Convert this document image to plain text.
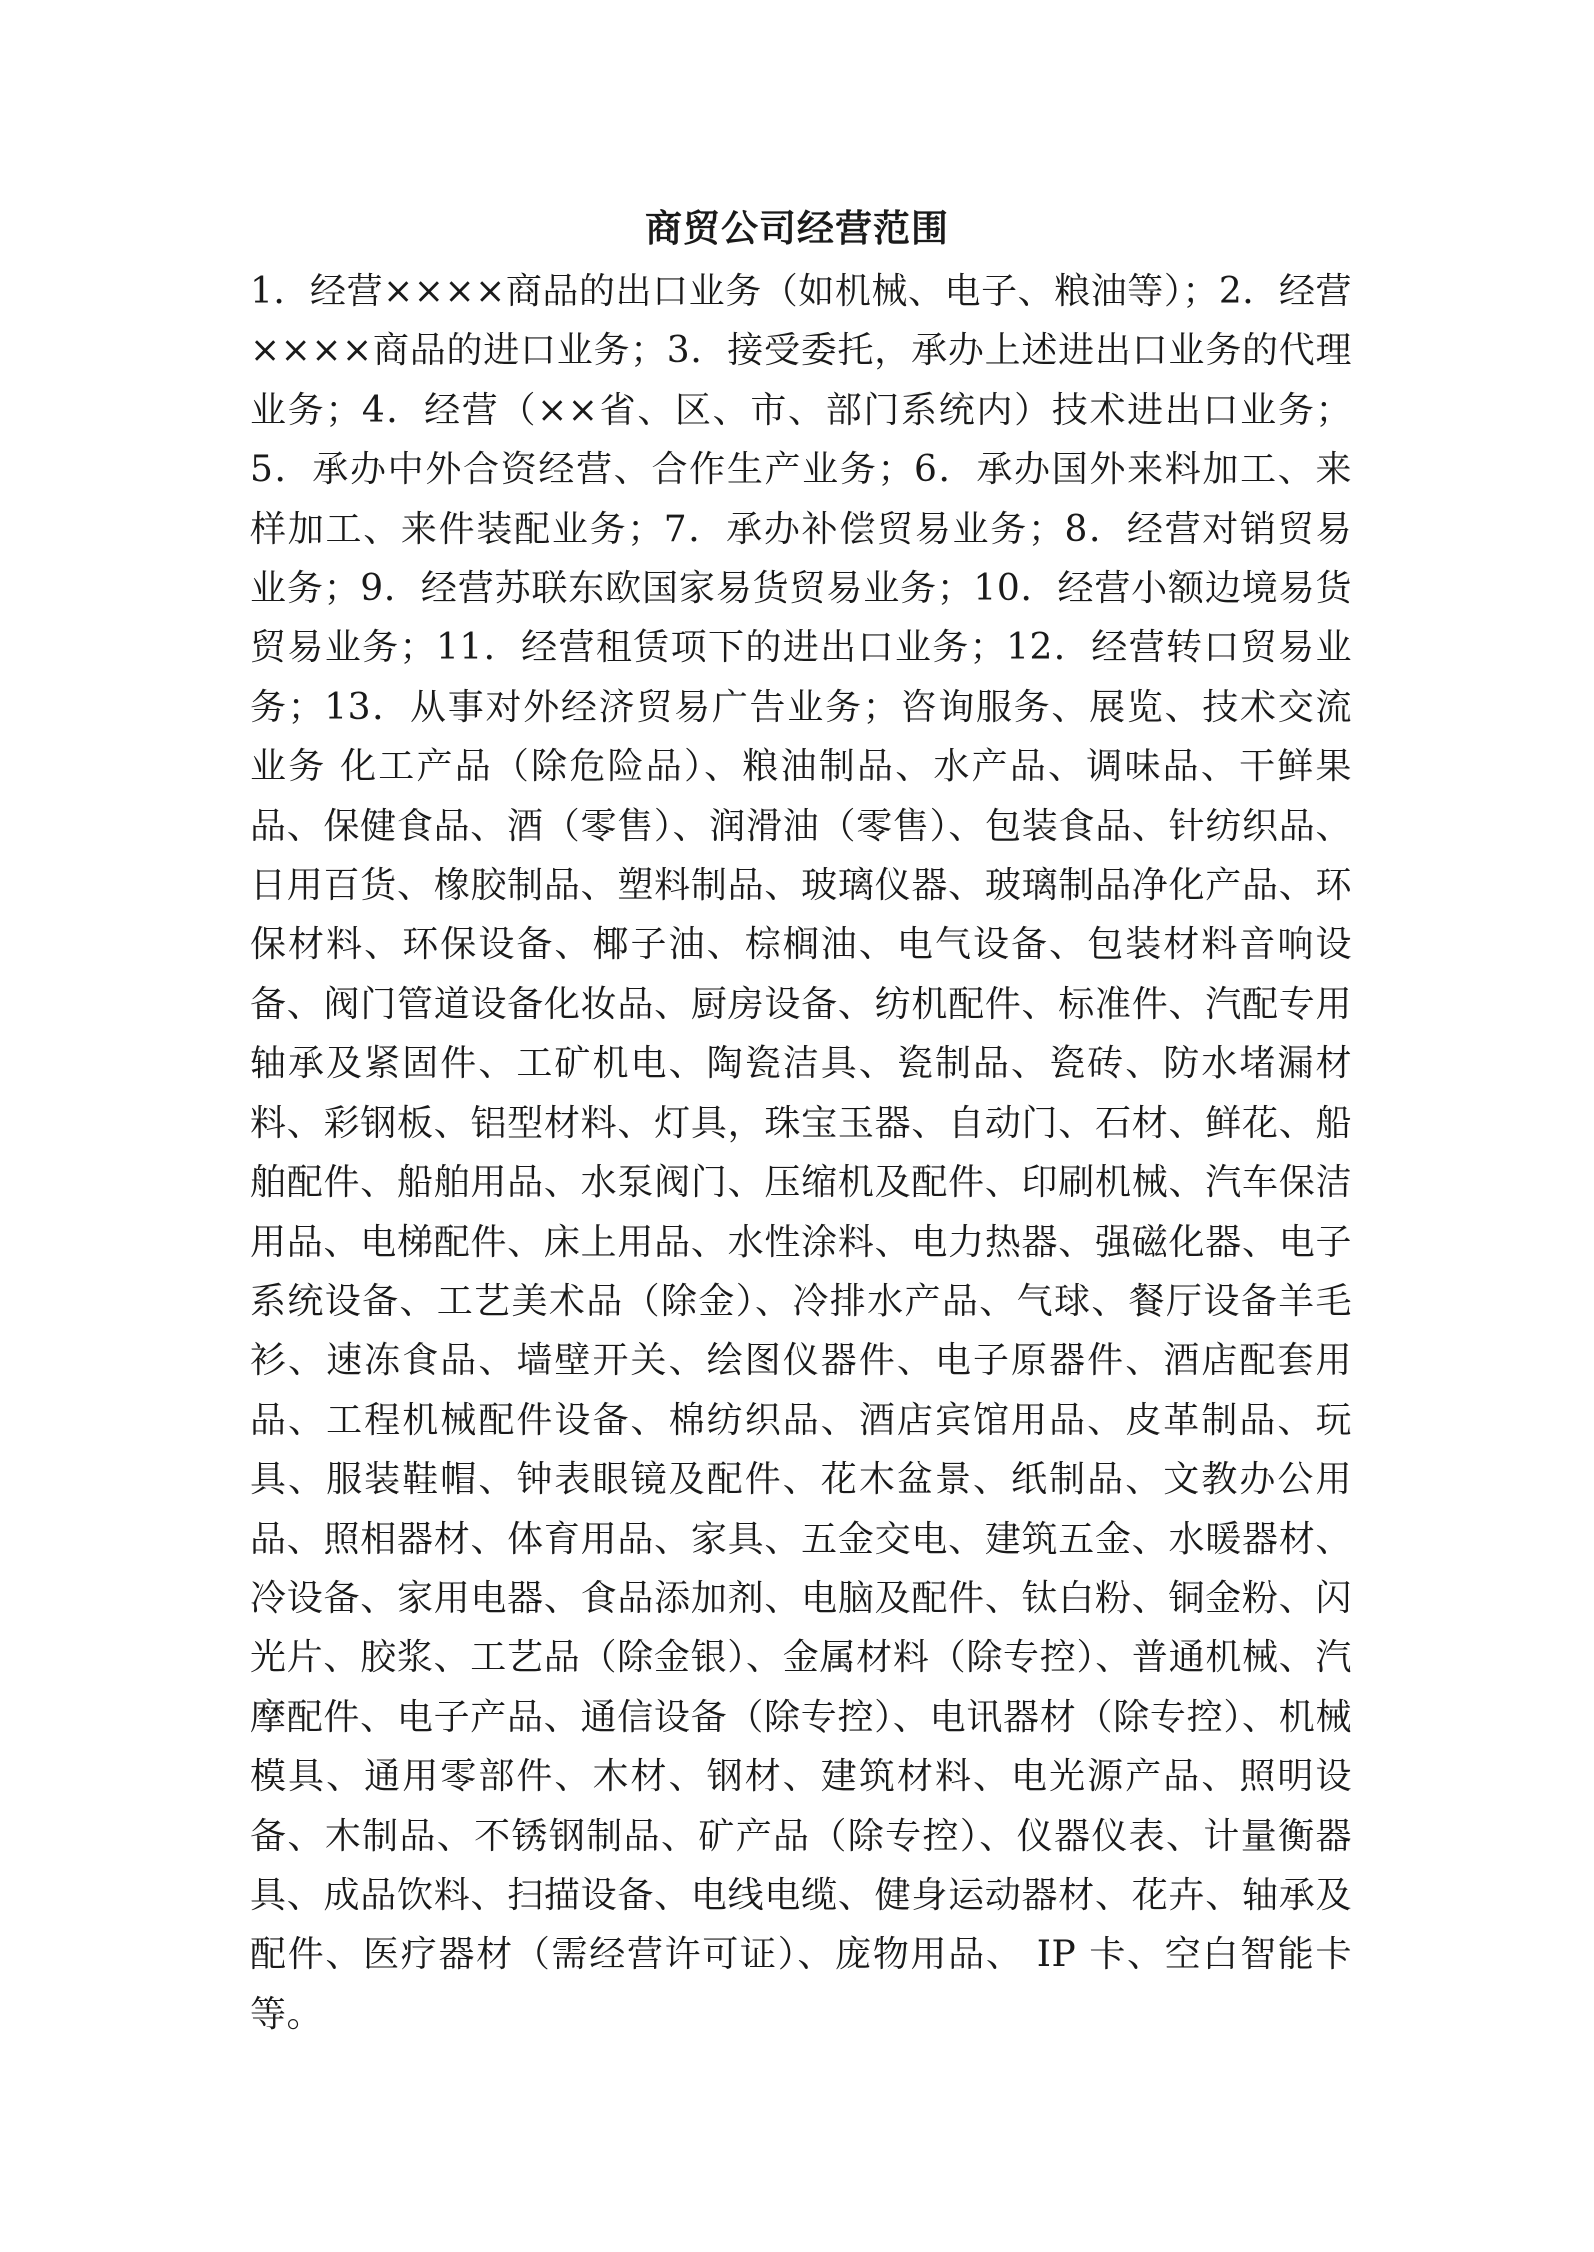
商贸公司经营范围

1．经营××××商品的出口业务（如机械、电子、粮油等）；2．经营××××商品的进口业务；3．接受委托，承办上述进出口业务的代理业务；4．经营（××省、区、市、部门系统内）技术进出口业务；5．承办中外合资经营、合作生产业务；6．承办国外来料加工、来样加工、来件装配业务；7．承办补偿贸易业务；8．经营对销贸易业务；9．经营苏联东欧国家易货贸易业务；10．经营小额边境易货贸易业务；11．经营租赁项下的进出口业务；12．经营转口贸易业务；13．从事对外经济贸易广告业务；咨询服务、展览、技术交流业务 化工产品（除危险品）、粮油制品、水产品、调味品、干鲜果品、保健食品、酒（零售）、润滑油（零售）、包装食品、针纺织品、日用百货、橡胶制品、塑料制品、玻璃仪器、玻璃制品净化产品、环保材料、环保设备、椰子油、棕榈油、电气设备、包装材料音响设备、阀门管道设备化妆品、厨房设备、纺机配件、标准件、汽配专用轴承及紧固件、工矿机电、陶瓷洁具、瓷制品、瓷砖、防水堵漏材料、彩钢板、铝型材料、灯具，珠宝玉器、自动门、石材、鲜花、船舶配件、船舶用品、水泵阀门、压缩机及配件、印刷机械、汽车保洁用品、电梯配件、床上用品、水性涂料、电力热器、强磁化器、电子系统设备、工艺美术品（除金）、冷排水产品、气球、餐厅设备羊毛衫、速冻食品、墙壁开关、绘图仪器件、电子原器件、酒店配套用品、工程机械配件设备、棉纺织品、酒店宾馆用品、皮革制品、玩具、服装鞋帽、钟表眼镜及配件、花木盆景、纸制品、文教办公用品、照相器材、体育用品、家具、五金交电、建筑五金、水暖器材、冷设备、家用电器、食品添加剂、电脑及配件、钛白粉、铜金粉、闪光片、胶浆、工艺品（除金银）、金属材料（除专控）、普通机械、汽摩配件、电子产品、通信设备（除专控）、电讯器材（除专控）、机械模具、通用零部件、木材、钢材、建筑材料、电光源产品、照明设备、木制品、不锈钢制品、矿产品（除专控）、仪器仪表、计量衡器具、成品饮料、扫描设备、电线电缆、健身运动器材、花卉、轴承及配件、医疗器材（需经营许可证）、庞物用品、 IP 卡、空白智能卡等。
